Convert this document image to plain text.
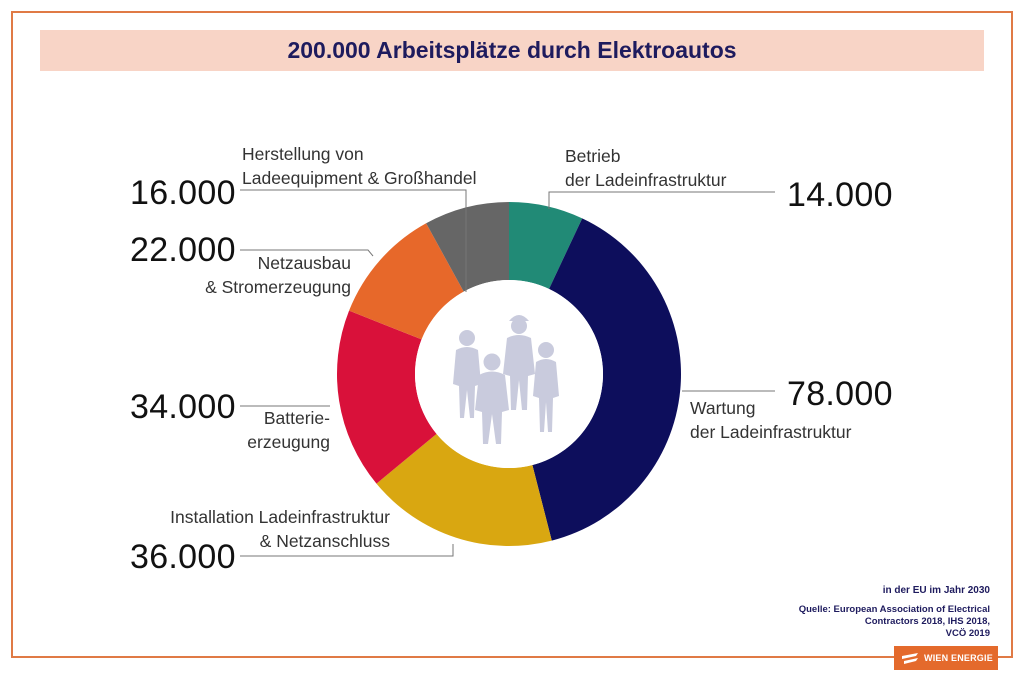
200.000 Arbeitsplätze durch Elektroautos
14.000
78.000
36.000
34.000
22.000
16.000
Betrieb
der Ladeinfrastruktur
Wartung
der Ladeinfrastruktur
Installation Ladeinfrastruktur
& Netzanschluss
Batterie-
erzeugung
Netzausbau
& Stromerzeugung
Herstellung von
Ladeequipment & Großhandel
in der EU im Jahr 2030
Quelle: European Association of Electrical
Contractors 2018, IHS 2018,
VCÖ 2019
WIEN ENERGIE
